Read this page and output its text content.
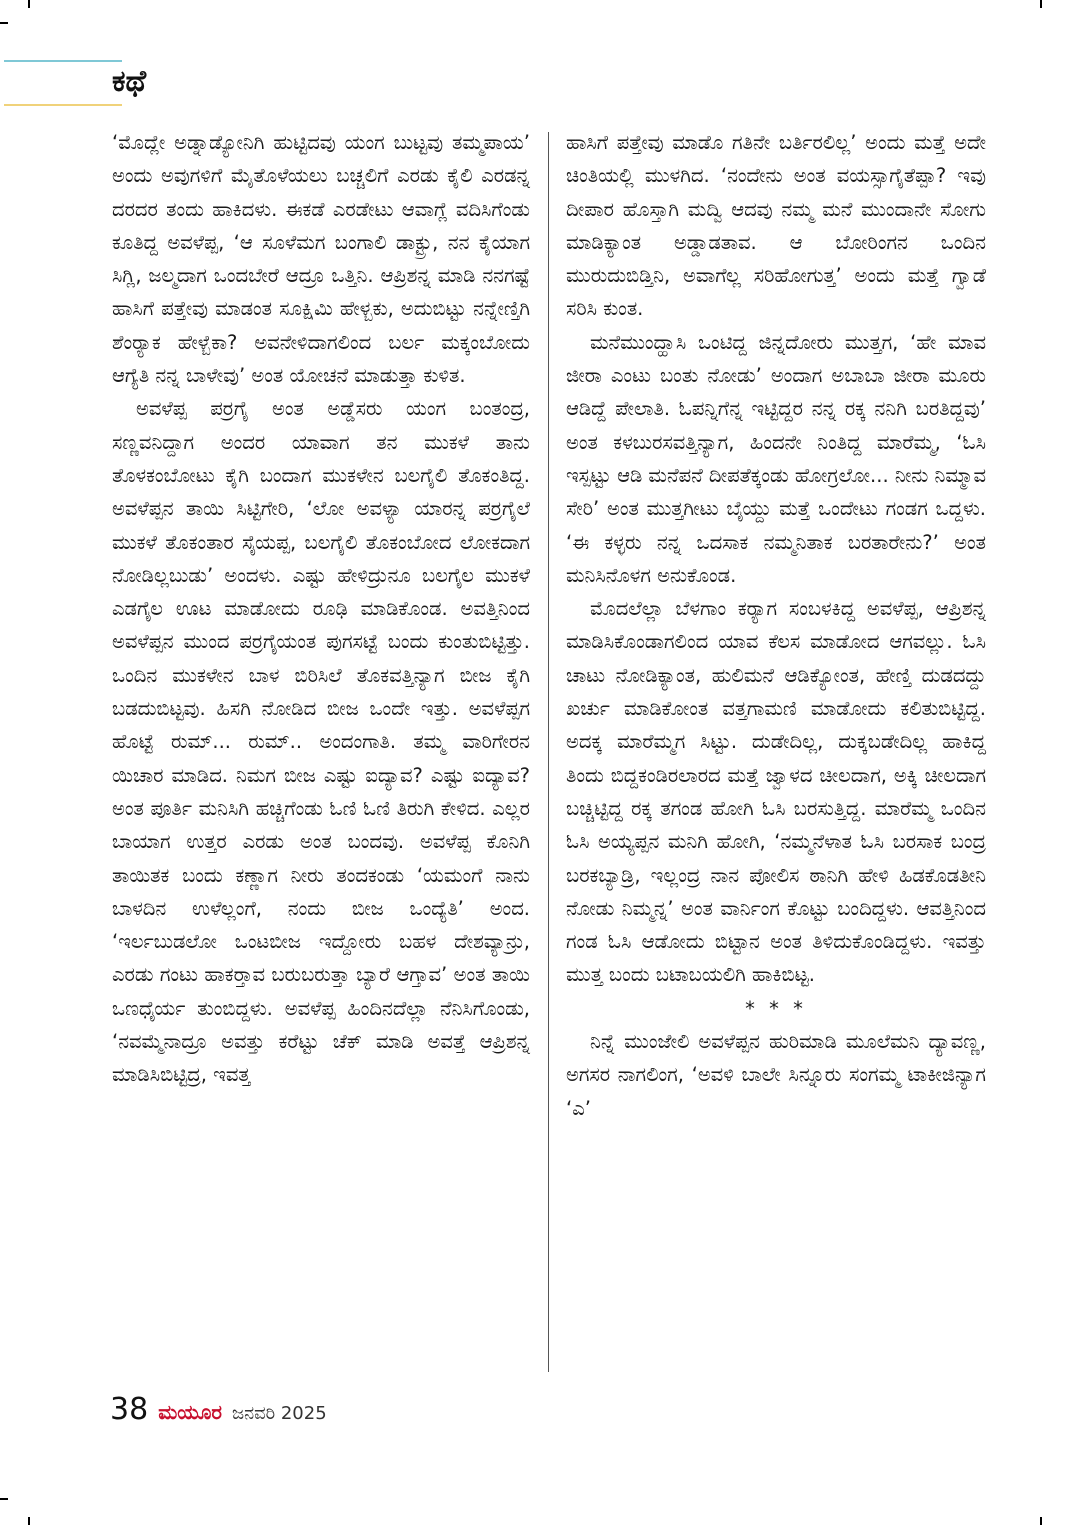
ಕಥೆ

‘ಮೊದ್ಲೇ ಅಡ್ನಾಡ್ಯೋನಿಗಿ ಹುಟ್ಟಿದವು ಯಂಗ ಬುಟ್ಟವು ತಮ್ಮಪಾಯ’ ಅಂದು ಅವುಗಳಿಗೆ ಮೈತೊಳೆಯಲು ಬಚ್ಚಲಿಗೆ ಎರಡು ಕೈಲಿ ಎರಡನ್ನ ದರದರ ತಂದು ಹಾಕಿದಳು. ಈಕಡೆ ಎರಡೇಟು ಆವಾಗ್ಲೆ ವದಿಸಿಗೆಂಡು ಕೂತಿದ್ದ ಅವಳೆಪ್ಪ, ‘ಆ ಸೂಳೆಮಗ ಬಂಗಾಲಿ ಡಾಕ್ಟ್ರು, ನನ ಕೈಯಾಗ ಸಿಗ್ಲಿ, ಜಲ್ಮದಾಗ ಒಂದಬೇರೆ ಆದ್ರೂ ಒತ್ತಿನಿ. ಆಪ್ರಿಶನ್ನ ಮಾಡಿ ನನಗಷ್ಟೆ ಹಾಸಿಗೆ ಪತ್ತೇವು ಮಾಡಂತ ಸೂಕ್ಷಿಮಿ ಹೇಳ್ಬಕು, ಅದುಬಿಟ್ಟು ನನ್ನೇಣ್ತಿಗಿ ಶೆಂರ್‍ಯಾಕ ಹೇಳ್ಬೆಕಾ? ಅವನೇಳಿದಾಗಲಿಂದ ಬರ್ಲ ಮಕ್ಕಂಬೋದು ಆಗ್ಯೆತಿ ನನ್ನ ಬಾಳೇವು’ ಅಂತ ಯೋಚನೆ ಮಾಡುತ್ತಾ ಕುಳಿತ.

ಅವಳೆಪ್ಪ ಪರ್ರಗೈ ಅಂತ ಅಡ್ಡೆಸರು ಯಂಗ ಬಂತಂದ್ರ, ಸಣ್ಣವನಿದ್ದಾಗ ಅಂದರ ಯಾವಾಗ ತನ ಮುಕಳೆ ತಾನು ತೊಳಕಂಬೋಟು ಕೈಗಿ ಬಂದಾಗ ಮುಕಳೇನ ಬಲಗೈಲಿ ತೊಕಂತಿದ್ದ. ಅವಳೆಪ್ಪನ ತಾಯಿ ಸಿಟ್ಟಿಗೇರಿ, ‘ಲೋ ಅವಳ್ಯಾ ಯಾರನ್ನ ಪರ್ರಗೈಲೆ ಮುಕಳೆ ತೊಕಂತಾರ ಸೈಯಪ್ಪ, ಬಲಗೈಲಿ ತೊಕಂಬೋದ ಲೋಕದಾಗ ನೋಡಿಲ್ಲಬುಡು’ ಅಂದಳು. ಎಷ್ಟು ಹೇಳಿದ್ರುನೂ ಬಲಗೈಲ ಮುಕಳೆ ಎಡಗೈಲ ಊಟ ಮಾಡೋದು ರೂಢಿ ಮಾಡಿಕೊಂಡ. ಅವತ್ತಿನಿಂದ ಅವಳೆಪ್ಪನ ಮುಂದ ಪರ್ರಗೈಯಂತ ಪುಗಸಟ್ಟೆ ಬಂದು ಕುಂತುಬಿಟ್ಟಿತ್ತು. ಒಂದಿನ ಮುಕಳೇನ ಬಾಳ ಬಿರಿಸಿಲೆ ತೊಕವತ್ತಿನ್ಯಾಗ ಬೀಜ ಕೈಗಿ ಬಡದುಬಿಟ್ಟವು. ಹಿಸಗಿ ನೋಡಿದ ಬೀಜ ಒಂದೇ ಇತ್ತು. ಅವಳೆಪ್ಪಗ ಹೊಟ್ಟೆ ರುಮ್... ರುಮ್.. ಅಂದಂಗಾತಿ. ತಮ್ಮ ವಾರಿಗೇರನ ಯಿಚಾರ ಮಾಡಿದ. ನಿಮಗ ಬೀಜ ಎಷ್ಟು ಐದ್ಯಾವ? ಎಷ್ಟು ಐದ್ಯಾವ? ಅಂತ ಪೂರ್ತಿ ಮನಿಸಿಗಿ ಹಚ್ಚಿಗೆಂಡು ಓಣಿ ಓಣಿ ತಿರುಗಿ ಕೇಳಿದ. ಎಲ್ಲರ ಬಾಯಾಗ ಉತ್ತರ ಎರಡು ಅಂತ ಬಂದವು. ಅವಳೆಪ್ಪ ಕೊನಿಗಿ ತಾಯಿತಕ ಬಂದು ಕಣ್ಣಾಗ ನೀರು ತಂದಕಂಡು ‘ಯಮಂಗೆ ನಾನು ಬಾಳದಿನ ಉಳೆಲ್ಲಂಗೆ, ನಂದು ಬೀಜ ಒಂದ್ಯೆತಿ’ ಅಂದ. ‘ಇರ್ಲಬುಡಲೋ ಒಂಟಬೀಜ ಇದ್ದೋರು ಬಹಳ ದೇಶವ್ಯಾನ್ರು, ಎರಡು ಗಂಟು ಹಾಕರ್‍ತಾವ ಬರುಬರುತ್ತಾ ಬ್ಯಾರೆ ಆಗ್ತಾವ’ ಅಂತ ತಾಯಿ ಒಣಧೈರ್ಯ ತುಂಬಿದ್ದಳು. ಅವಳೆಪ್ಪ ಹಿಂದಿನದೆಲ್ಲಾ ನೆನಿಸಿಗೊಂಡು, ‘ನವಮ್ಮೆನಾದ್ರೂ ಅವತ್ತು ಕರೆಟ್ಟು ಚೆಕ್ ಮಾಡಿ ಅವತ್ತೆ ಆಪ್ರಿಶನ್ನ ಮಾಡಿಸಿಬಿಟ್ಟಿದ್ರ, ಇವತ್ತ

ಹಾಸಿಗೆ ಪತ್ತೇವು ಮಾಡೊ ಗತಿನೇ ಬರ್ತಿರಲಿಲ್ಲ’ ಅಂದು ಮತ್ತೆ ಅದೇ ಚಿಂತಿಯಲ್ಲಿ ಮುಳಗಿದ. ‘ನಂದೇನು ಅಂತ ವಯಸ್ಸಾಗೈತೆಪ್ಪಾ? ಇವು ದೀಪಾರ ಹೊಸ್ತಾಗಿ ಮದ್ವಿ ಆದವು ನಮ್ಮ ಮನೆ ಮುಂದಾನೇ ಸೋಗು ಮಾಡಿಕ್ಯಾಂತ ಅಡ್ಡಾಡತಾವ. ಆ ಬೋರಿಂಗನ ಒಂದಿನ ಮುರುದುಬಿಡ್ತಿನಿ, ಅವಾಗೆಲ್ಲ ಸರಿಹೋಗುತ್ತ’ ಅಂದು ಮತ್ತೆ ಗ್ವಾಡೆ ಸರಿಸಿ ಕುಂತ.

ಮನೆಮುಂದ್ಹಾಸಿ ಒಂಟಿದ್ದ ಜಿನ್ನದೋರು ಮುತ್ತಗ, ‘ಹೇ ಮಾವ ಜೀರಾ ಎಂಟು ಬಂತು ನೋಡು’ ಅಂದಾಗ ಅಬಾಬಾ ಜೀರಾ ಮೂರು ಆಡಿದ್ದೆ ಪೇಲಾತಿ. ಓಪನ್ನಿಗೆನ್ನ ಇಟ್ಟಿದ್ದರ ನನ್ನ ರಕ್ಕ ನನಿಗಿ ಬರತಿದ್ದವು’ ಅಂತ ಕಳಬುರಸವತ್ತಿನ್ಯಾಗ, ಹಿಂದನೇ ನಿಂತಿದ್ದ ಮಾರೆಮ್ಮ, ‘ಓಸಿ ಇಸ್ಪಟ್ಟು ಆಡಿ ಮನೆಪನೆ ದೀಪತೆಕ್ಕಂಡು ಹೋಗ್ರಲೋ... ನೀನು ನಿಮ್ಮಾವ ಸೇರಿ’ ಅಂತ ಮುತ್ತಗೀಟು ಬೈಯ್ದು ಮತ್ತೆ ಒಂದೇಟು ಗಂಡಗ ಒದ್ದಳು. ‘ಈ ಕಳ್ಳರು ನನ್ನ ಒದಸಾಕ ನಮ್ಮನಿತಾಕ ಬರತಾರೇನು?’ ಅಂತ ಮನಿಸಿನೊಳಗ ಅನುಕೊಂಡ.

ಮೊದಲೆಲ್ಲಾ ಬೆಳಗಾಂ ಕರ್‍ಯಾಗ ಸಂಬಳಕಿದ್ದ ಅವಳೆಪ್ಪ, ಆಪ್ರಿಶನ್ನ ಮಾಡಿಸಿಕೊಂಡಾಗಲಿಂದ ಯಾವ ಕೆಲಸ ಮಾಡೋದ ಆಗವಲ್ಲು. ಓಸಿ ಚಾಟು ನೋಡಿಕ್ಯಾಂತ, ಹುಲಿಮನೆ ಆಡಿಕ್ಯೋಂತ, ಹೇಣ್ತಿ ದುಡದದ್ದು ಖರ್ಚು ಮಾಡಿಕೋಂತ ವತ್ತಗಾಮಣಿ ಮಾಡೋದು ಕಲಿತುಬಿಟ್ಟಿದ್ದ. ಅದಕ್ಕ ಮಾರೆಮ್ಮಗ ಸಿಟ್ಟು. ದುಡೇದಿಲ್ಲ, ದುಕ್ಕಬಡೇದಿಲ್ಲ ಹಾಕಿದ್ದ ತಿಂದು ಬಿದ್ದಕಂಡಿರಲಾರದ ಮತ್ತೆ ಜ್ವಾಳದ ಚೀಲದಾಗ, ಅಕ್ಕಿ ಚೀಲದಾಗ ಬಚ್ಚಿಟ್ಟಿದ್ದ ರಕ್ಕ ತಗಂಡ ಹೋಗಿ ಓಸಿ ಬರಸುತ್ತಿದ್ದ. ಮಾರೆಮ್ಮ ಒಂದಿನ ಓಸಿ ಅಯ್ಯಪ್ಪನ ಮನಿಗಿ ಹೋಗಿ, ‘ನಮ್ಮನೆಳಾತ ಓಸಿ ಬರಸಾಕ ಬಂದ್ರ ಬರಕಬ್ಯಾಡ್ರಿ, ಇಲ್ಲಂದ್ರ ನಾನ ಪೋಲಿಸ ಠಾನಿಗಿ ಹೇಳಿ ಹಿಡಕೊಡತೀನಿ ನೋಡು ನಿಮ್ಮನ್ನ’ ಅಂತ ವಾರ್ನಿಂಗ ಕೊಟ್ಟು ಬಂದಿದ್ದಳು. ಆವತ್ತಿನಿಂದ ಗಂಡ ಓಸಿ ಆಡೋದು ಬಿಟ್ಟಾನ ಅಂತ ತಿಳಿದುಕೊಂಡಿದ್ದಳು. ಇವತ್ತು ಮುತ್ತ ಬಂದು ಬಟಾಬಯಲಿಗಿ ಹಾಕಿಬಿಟ್ಟ.

* * *

ನಿನ್ನೆ ಮುಂಜೇಲಿ ಅವಳೆಪ್ಪನ ಹುರಿಮಾಡಿ ಮೂಲೆಮನಿ ದ್ಯಾವಣ್ಣ, ಅಗಸರ ನಾಗಲಿಂಗ, ‘ಅವಳಿ ಬಾಲೇ ಸಿನ್ನೂರು ಸಂಗಮ್ಮ ಟಾಕೀಜಿನ್ಯಾಗ ‘ಎ’

38 ಮಯೂರ ಜನವರಿ 2025
